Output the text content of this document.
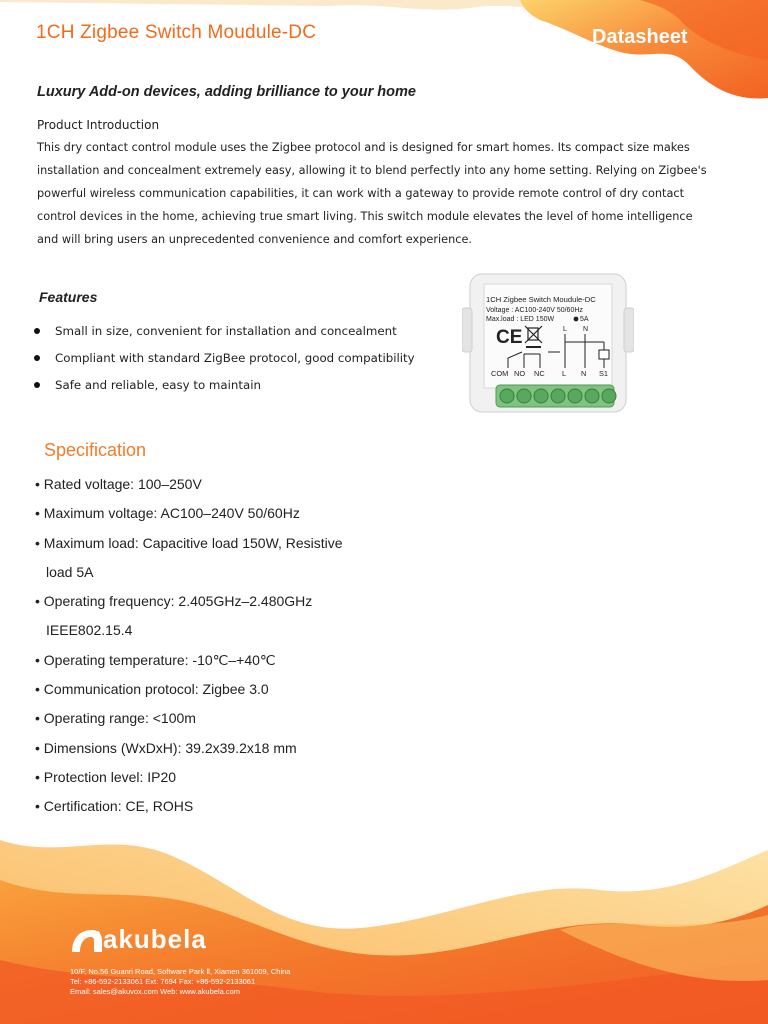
1CH Zigbee Switch Moudule-DC	Datasheet
Luxury Add-on devices, adding brilliance to your home
Product Introduction

This dry contact control module uses the Zigbee protocol and is designed for smart homes. Its compact size makes installation and concealment extremely easy, allowing it to blend perfectly into any home setting. Relying on Zigbee's powerful wireless communication capabilities, it can work with a gateway to provide remote control of dry contact control devices in the home, achieving true smart living. This switch module elevates the level of home intelligence and will bring users an unprecedented convenience and comfort experience.

Features
Small in size, convenient for installation and concealment
Compliant with standard ZigBee protocol, good compatibility
Safe and reliable, easy to maintain
1CH Zigbee Switch Moudule-DC
Voltage : AC100-240V 50/60Hz
Max.load : LED 150W	5A
CE	L N
COM NO NC L N S1
Specification
• Rated voltage: 100–250V
• Maximum voltage: AC100–240V 50/60Hz
• Maximum load: Capacitive load 150W, Resistive
load 5A
• Operating frequency: 2.405GHz–2.480GHz
IEEE802.15.4
• Operating temperature: -10℃–+40℃
• Communication protocol: Zigbee 3.0
• Operating range: <100m
• Dimensions (WxDxH): 39.2x39.2x18 mm
• Protection level: IP20
• Certification: CE, ROHS
akubela
10/F, No.56 Guanri Road, Software Park Ⅱ, Xiamen 361009, China
Tel: +86-592-2133061 Ext: 7694 Fax: +86-592-2133061
Email: sales@akuvox.com Web: www.akubela.com
